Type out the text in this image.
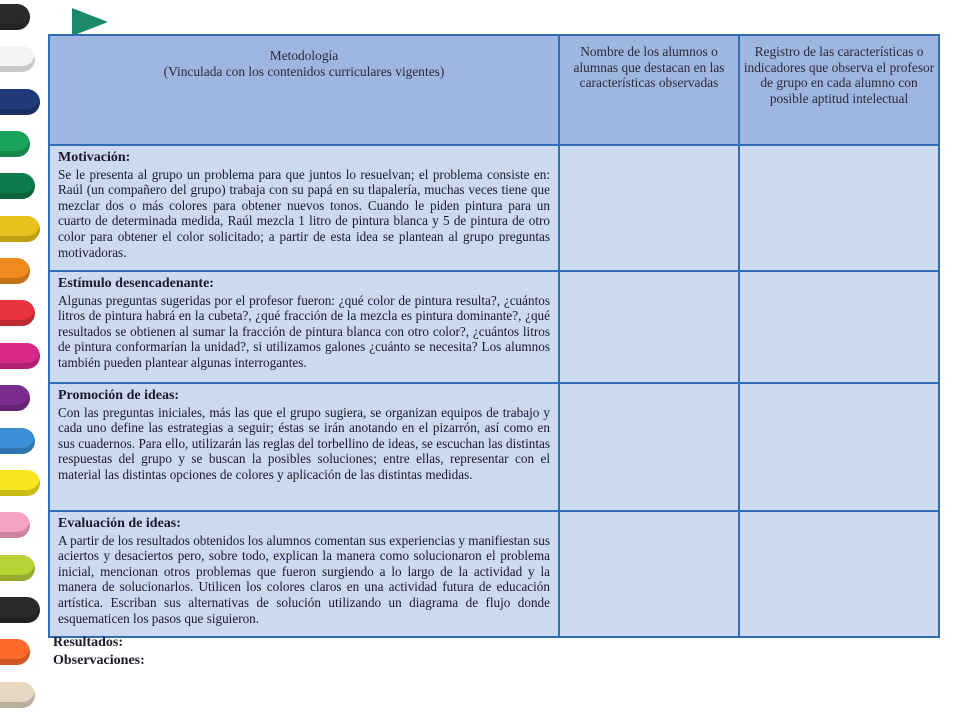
Metodología
(Vinculada con los contenidos curriculares vigentes)	Nombre de los alumnos o alumnas que destacan en las características observadas	Registro de las características o indicadores que observa el profesor de grupo en cada alumno con posible aptitud intelectual

Motivación:
Se le presenta al grupo un problema para que juntos lo resuelvan; el problema consiste en: Raúl (un compañero del grupo) trabaja con su papá en su tlapalería, muchas veces tiene que mezclar dos o más colores para obtener nuevos tonos. Cuando le piden pintura para un cuarto de determinada medida, Raúl mezcla 1 litro de pintura blanca y 5 de pintura de otro color para obtener el color solicitado; a partir de esta idea se plantean al grupo preguntas motivadoras.		

Estímulo desencadenante:
Algunas preguntas sugeridas por el profesor fueron: ¿qué color de pintura resulta?, ¿cuántos litros de pintura habrá en la cubeta?, ¿qué fracción de la mezcla es pintura dominante?, ¿qué resultados se obtienen al sumar la fracción de pintura blanca con otro color?, ¿cuántos litros de pintura conformarían la unidad?, si utilizamos galones ¿cuánto se necesita? Los alumnos también pueden plantear algunas interrogantes.		

Promoción de ideas:
Con las preguntas iniciales, más las que el grupo sugiera, se organizan equipos de trabajo y cada uno define las estrategias a seguir; éstas se irán anotando en el pizarrón, así como en sus cuadernos. Para ello, utilizarán las reglas del torbellino de ideas, se escuchan las distintas respuestas del grupo y se buscan la posibles soluciones; entre ellas, representar con el material las distintas opciones de colores y aplicación de las distintas medidas.		

Evaluación de ideas:
A partir de los resultados obtenidos los alumnos comentan sus experiencias y manifiestan sus aciertos y desaciertos pero, sobre todo, explican la manera como solucionaron el problema inicial, mencionan otros problemas que fueron surgiendo a lo largo de la actividad y la manera de solucionarlos. Utilicen los colores claros en una actividad futura de educación artística. Escriban sus alternativas de solución utilizando un diagrama de flujo donde esquematicen los pasos que siguieron.		

Resultados:
Observaciones:
